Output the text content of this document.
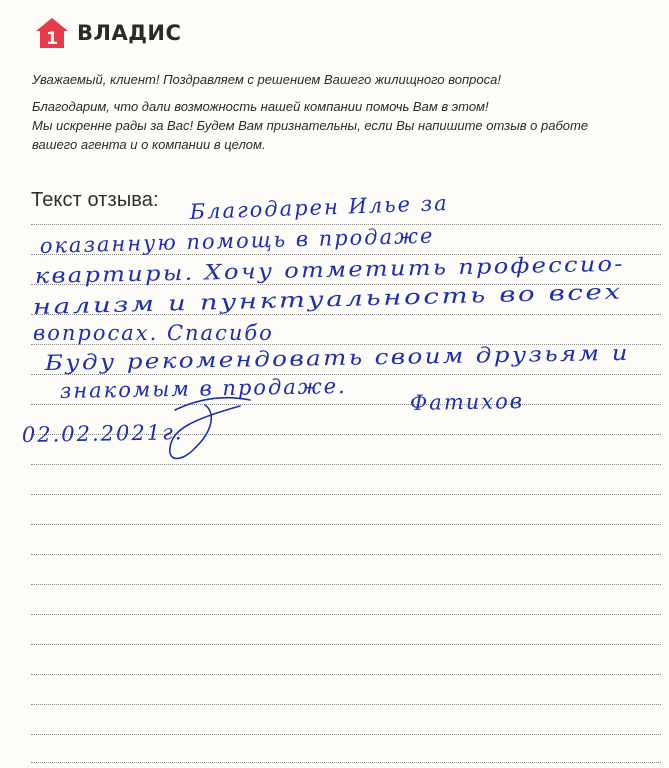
1 ВЛАДИС

Уважаемый, клиент! Поздравляем с решением Вашего жилищного вопроса!

Благодарим, что дали возможность нашей компании помочь Вам в этом!

Мы искренне рады за Вас! Будем Вам признательны, если Вы напишите отзыв о работе

вашего агента и о компании в целом.

Текст отзыва: Благодарен Илье за
оказанную помощь в продаже
квартиры. Хочу отметить профессио-
нализм и пунктуальность во всех
вопросах. Спасибо
Буду рекомендовать своим друзьям и
знакомым в продаже.	Фатихов
02.02.2021г.
